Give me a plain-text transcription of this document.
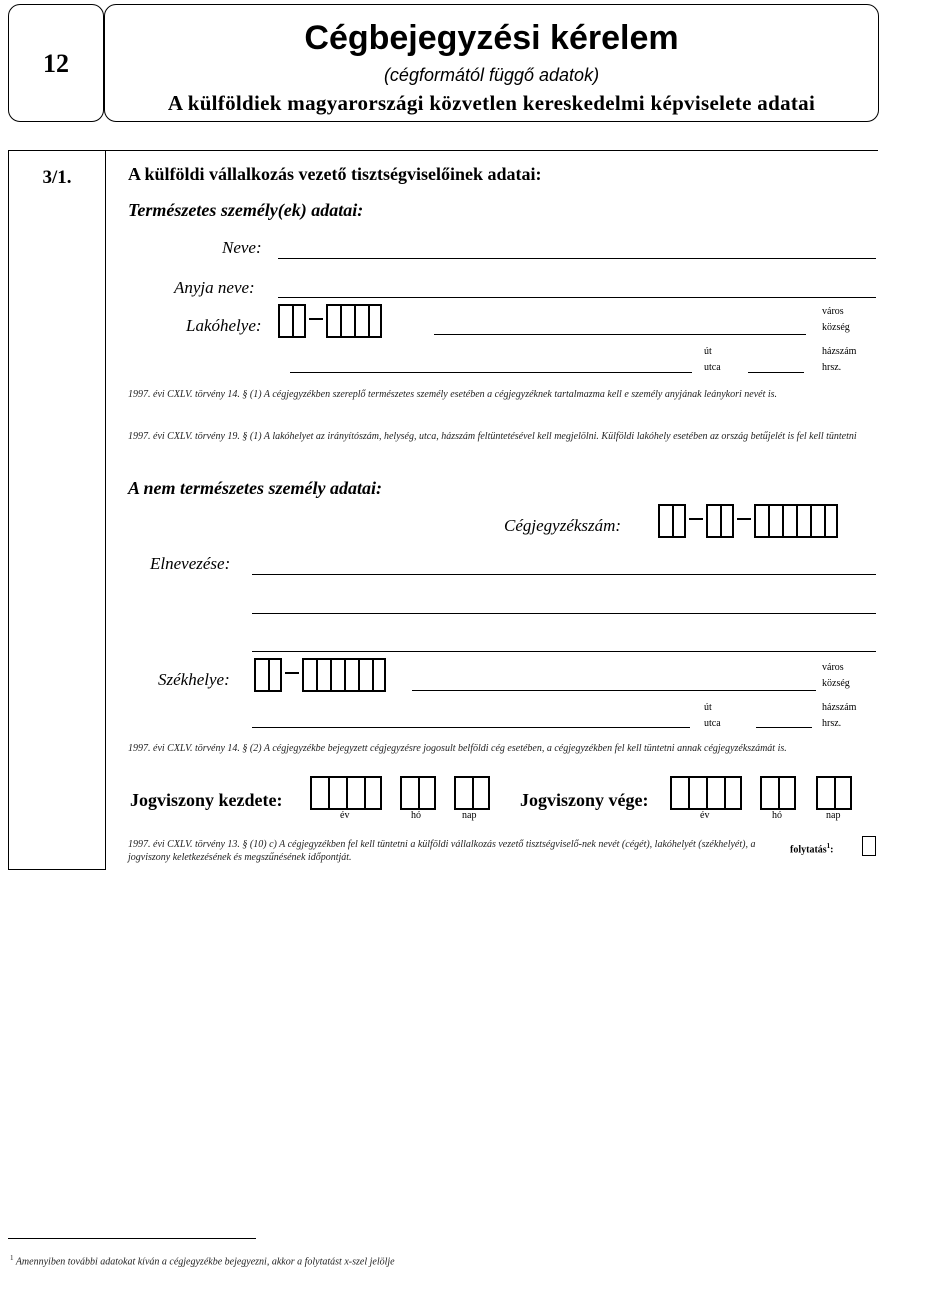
12
Cégbejegyzési kérelem
(cégformától függő adatok)
A külföldiek magyarországi közvetlen kereskedelmi képviselete adatai
3/1.	A külföldi vállalkozás vezető tisztségviselőinek adatai:
Természetes személy(ek) adatai:
Neve:
Anyja neve:
Lakóhelye:
város
község
út
utca
házszám
hrsz.
1997. évi CXLV. törvény 14. § (1) A cégjegyzékben szereplő természetes személy esetében a cégjegyzéknek tartalmazma kell e személy anyjának leánykori nevét is.
1997. évi CXLV. törvény 19. § (1) A lakóhelyet az irányítószám, helység, utca, házszám feltüntetésével kell megjelölni. Külföldi lakóhely esetében az ország betűjelét is fel kell tüntetni
A nem természetes személy adatai:
Cégjegyzékszám:
Elnevezése:
Székhelye:
város
község
út
utca
házszám
hrsz.
1997. évi CXLV. törvény 14. § (2) A cégjegyzékbe bejegyzett cégjegyzésre jogosult belföldi cég esetében, a cégjegyzékben fel kell tüntetni annak cégjegyzékszámát is.
Jogviszony kezdete:
év	hó	nap
Jogviszony vége:
év	hó	nap
1997. évi CXLV. törvény 13. § (10) c) A cégjegyzékben fel kell tüntetni a külföldi vállalkozás vezető tisztségviselő-nek nevét (cégét), lakóhelyét (székhelyét), a jogviszony keletkezésének és megszűnésének időpontját.
folytatás$^1$:
$^1$ Amennyiben további adatokat kíván a cégjegyzékbe bejegyezni, akkor a folytatást x-szel jelölje
